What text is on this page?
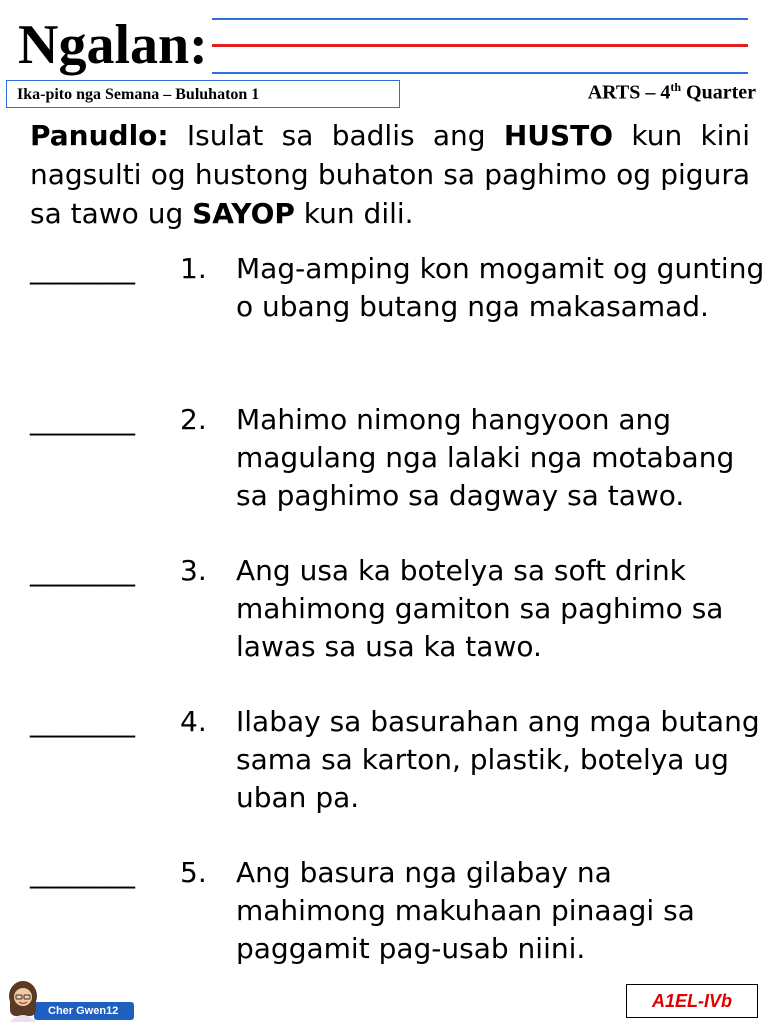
Ngalan:
Ika-pito nga Semana – Buluhaton 1	ARTS – 4th Quarter
Panudlo: Isulat sa badlis ang HUSTO kun kini nagsulti og hustong buhaton sa paghimo og pigura sa tawo ug SAYOP kun dili.
________ 1. Mag-amping kon mogamit og gunting o ubang butang nga makasamad.
________ 2. Mahimo nimong hangyoon ang magulang nga lalaki nga motabang sa paghimo sa dagway sa tawo.
________ 3. Ang usa ka botelya sa soft drink mahimong gamiton sa paghimo sa lawas sa usa ka tawo.
________ 4. Ilabay sa basurahan ang mga butang sama sa karton, plastik, botelya ug uban pa.
________ 5. Ang basura nga gilabay na mahimong makuhaan pinaagi sa paggamit pag-usab niini.
Cher Gwen12	A1EL-IVb
